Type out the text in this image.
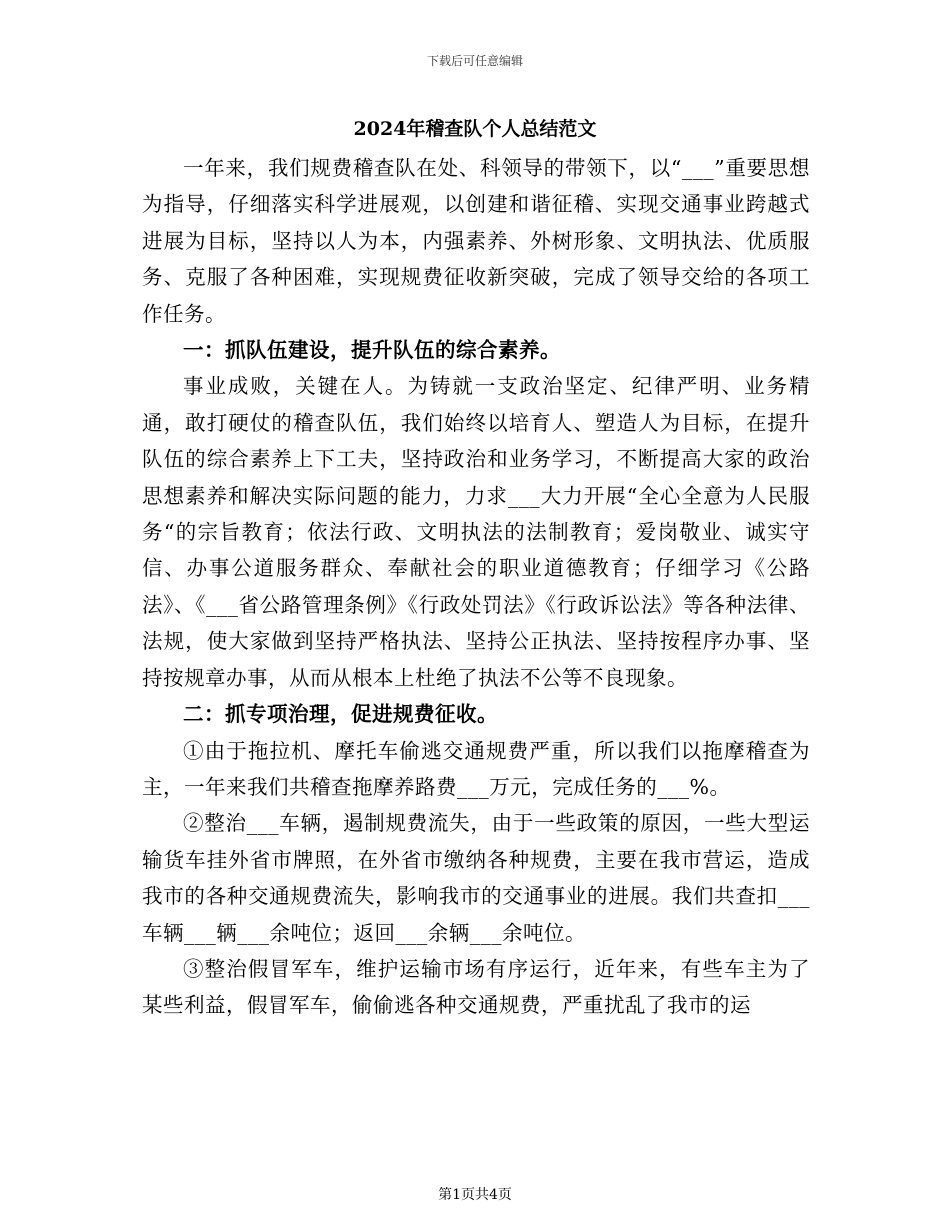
下载后可任意编辑
2024年稽查队个人总结范文

一年来，我们规费稽查队在处、科领导的带领下，以“___”重要思想为指导，仔细落实科学进展观，以创建和谐征稽、实现交通事业跨越式进展为目标，坚持以人为本，内强素养、外树形象、文明执法、优质服务、克服了各种困难，实现规费征收新突破，完成了领导交给的各项工作任务。

一：抓队伍建设，提升队伍的综合素养。

事业成败，关键在人。为铸就一支政治坚定、纪律严明、业务精通，敢打硬仗的稽查队伍，我们始终以培育人、塑造人为目标，在提升队伍的综合素养上下工夫，坚持政治和业务学习，不断提高大家的政治思想素养和解决实际问题的能力，力求___大力开展“全心全意为人民服务“的宗旨教育；依法行政、文明执法的法制教育；爱岗敬业、诚实守信、办事公道服务群众、奉献社会的职业道德教育；仔细学习《公路法》、《___省公路管理条例》《行政处罚法》《行政诉讼法》等各种法律、法规，使大家做到坚持严格执法、坚持公正执法、坚持按程序办事、坚持按规章办事，从而从根本上杜绝了执法不公等不良现象。

二：抓专项治理，促进规费征收。

①由于拖拉机、摩托车偷逃交通规费严重，所以我们以拖摩稽查为主，一年来我们共稽查拖摩养路费___万元，完成任务的___%。

②整治___车辆，遏制规费流失，由于一些政策的原因，一些大型运输货车挂外省市牌照，在外省市缴纳各种规费，主要在我市营运，造成我市的各种交通规费流失，影响我市的交通事业的进展。我们共查扣___车辆___辆___余吨位；返回___余辆___余吨位。

③整治假冒军车，维护运输市场有序运行，近年来，有些车主为了某些利益，假冒军车，偷偷逃各种交通规费，严重扰乱了我市的运

第1页共4页
